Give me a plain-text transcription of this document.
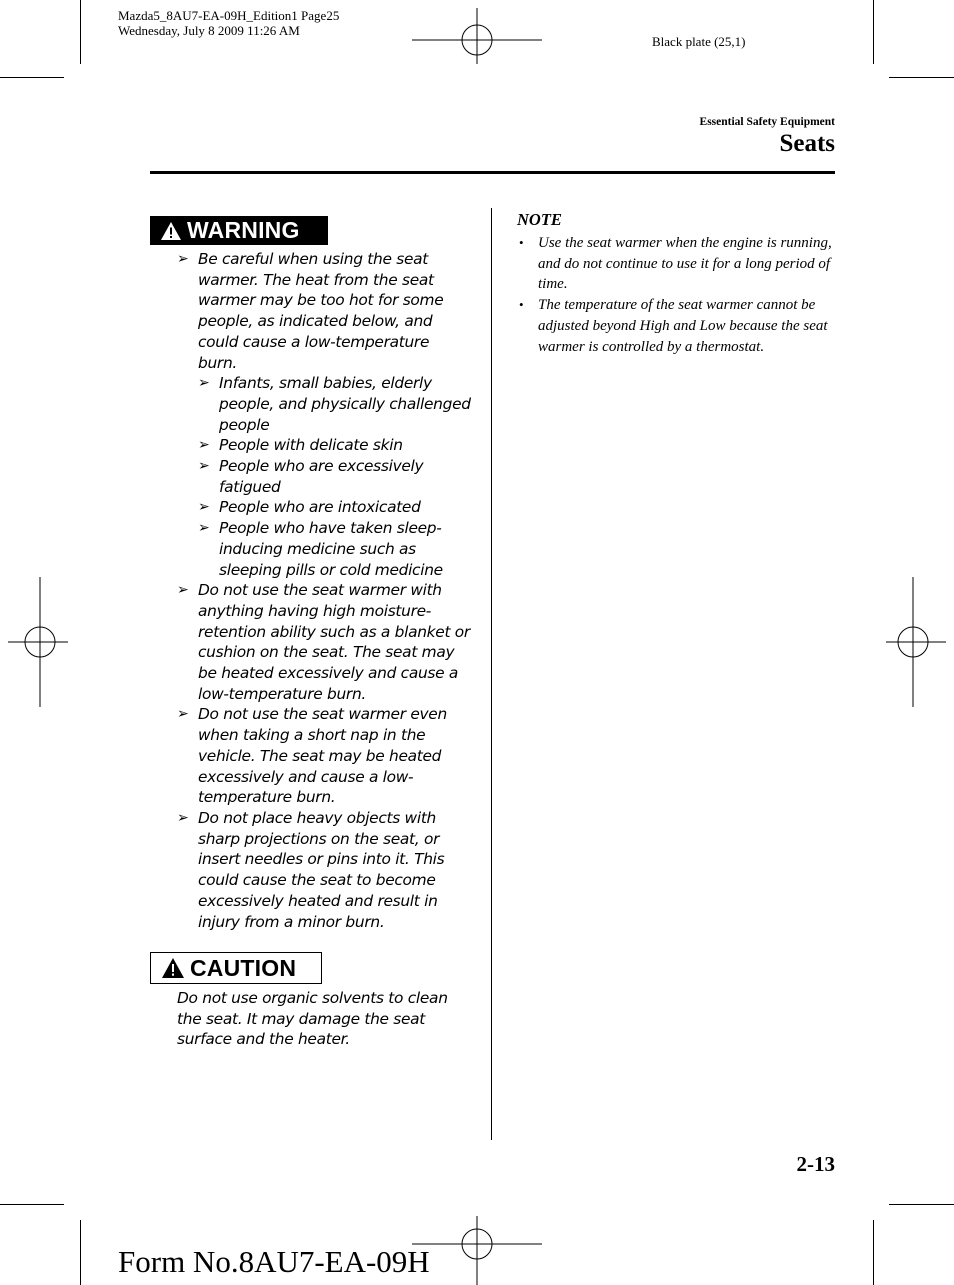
Mazda5_8AU7-EA-09H_Edition1 Page25
Wednesday, July 8 2009 11:26 AM
Black plate (25,1)
Essential Safety Equipment
Seats
WARNING
➢ Be careful when using the seat warmer. The heat from the seat warmer may be too hot for some people, as indicated below, and could cause a low-temperature burn.
➢ Infants, small babies, elderly people, and physically challenged people
➢ People with delicate skin
➢ People who are excessively fatigued
➢ People who are intoxicated
➢ People who have taken sleep-inducing medicine such as sleeping pills or cold medicine
➢ Do not use the seat warmer with anything having high moisture-retention ability such as a blanket or cushion on the seat. The seat may be heated excessively and cause a low-temperature burn.
➢ Do not use the seat warmer even when taking a short nap in the vehicle. The seat may be heated excessively and cause a low-temperature burn.
➢ Do not place heavy objects with sharp projections on the seat, or insert needles or pins into it. This could cause the seat to become excessively heated and result in injury from a minor burn.
CAUTION
Do not use organic solvents to clean the seat. It may damage the seat surface and the heater.
NOTE
• Use the seat warmer when the engine is running, and do not continue to use it for a long period of time.
• The temperature of the seat warmer cannot be adjusted beyond High and Low because the seat warmer is controlled by a thermostat.
2-13
Form No.8AU7-EA-09H
